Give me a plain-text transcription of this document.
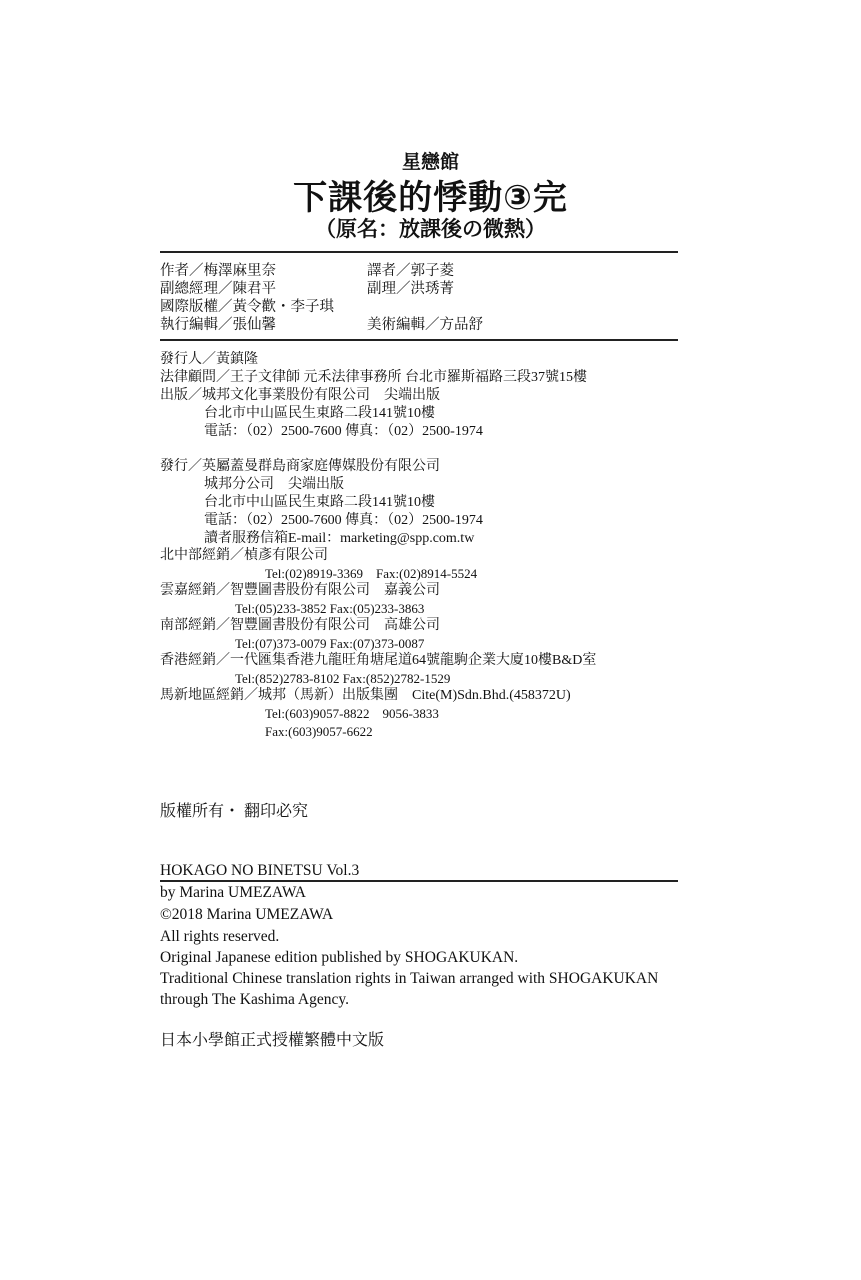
星戀館
下課後的悸動③完
（原名：放課後の微熱）
作者／梅澤麻里奈	譯者／郭子菱
副總經理／陳君平	副理／洪琇菁
國際版權／黃令歡・李子琪
執行編輯／張仙馨	美術編輯／方品舒
發行人／黃鎮隆
法律顧問／王子文律師 元禾法律事務所 台北市羅斯福路三段37號15樓
出版／城邦文化事業股份有限公司　尖端出版
台北市中山區民生東路二段141號10樓
電話：（02）2500-7600 傳真：（02）2500-1974
發行／英屬蓋曼群島商家庭傳媒股份有限公司
城邦分公司　尖端出版
台北市中山區民生東路二段141號10樓
電話：（02）2500-7600 傳真：（02）2500-1974
讀者服務信箱E-mail：marketing@spp.com.tw
北中部經銷／楨彥有限公司
Tel:(02)8919-3369　Fax:(02)8914-5524
雲嘉經銷／智豐圖書股份有限公司　嘉義公司
Tel:(05)233-3852 Fax:(05)233-3863
南部經銷／智豐圖書股份有限公司　高雄公司
Tel:(07)373-0079 Fax:(07)373-0087
香港經銷／一代匯集香港九龍旺角塘尾道64號龍駒企業大廈10樓B&D室
Tel:(852)2783-8102 Fax:(852)2782-1529
馬新地區經銷／城邦（馬新）出版集團　Cite(M)Sdn.Bhd.(458372U)
Tel:(603)9057-8822　9056-3833
Fax:(603)9057-6622
版權所有・ 翻印必究
HOKAGO NO BINETSU Vol.3
by Marina UMEZAWA
©2018 Marina UMEZAWA
All rights reserved.
Original Japanese edition published by SHOGAKUKAN.
Traditional Chinese translation rights in Taiwan arranged with SHOGAKUKAN
through The Kashima Agency.
日本小學館正式授權繁體中文版
